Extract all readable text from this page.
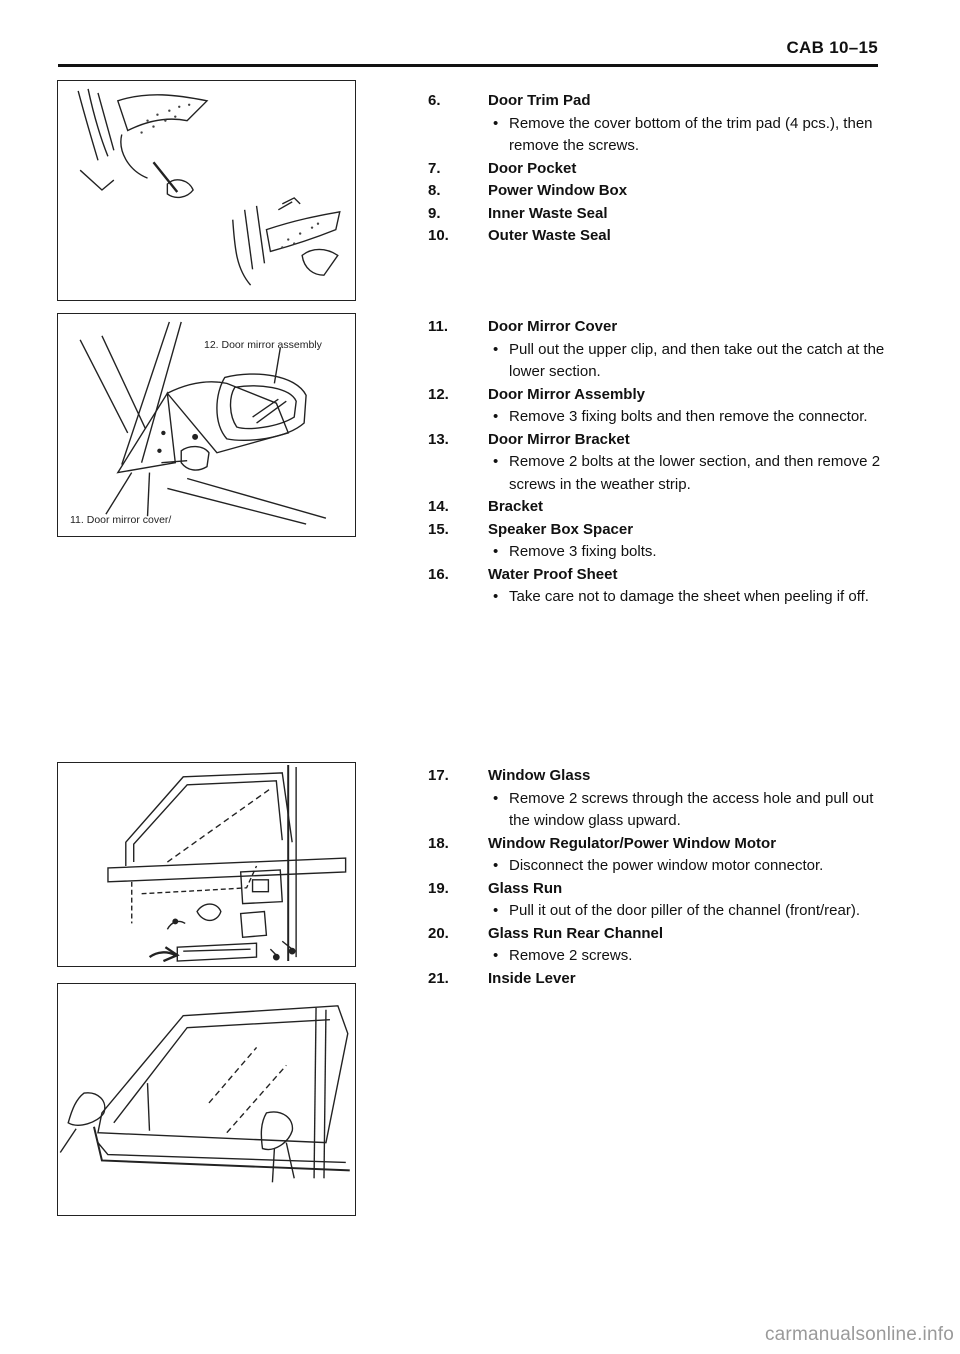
CAB 10–15
12. Door mirror assembly
11. Door mirror cover/
6.	Door Trim Pad
• Remove the cover bottom of the trim pad (4 pcs.), then remove the screws.
7.	Door Pocket
8.	Power Window Box
9.	Inner Waste Seal
10.	Outer Waste Seal
11.	Door Mirror Cover
• Pull out the upper clip, and then take out the catch at the lower section.
12.	Door Mirror Assembly
• Remove 3 fixing bolts and then remove the connector.
13.	Door Mirror Bracket
• Remove 2 bolts at the lower section, and then remove 2 screws in the weather strip.
14.	Bracket
15.	Speaker Box Spacer
• Remove 3 fixing bolts.
16.	Water Proof Sheet
• Take care not to damage the sheet when peeling if off.
17.	Window Glass
• Remove 2 screws through the access hole and pull out the window glass upward.
18.	Window Regulator/Power Window Motor
• Disconnect the power window motor connector.
19.	Glass Run
• Pull it out of the door piller of the channel (front/rear).
20.	Glass Run Rear Channel
• Remove 2 screws.
21.	Inside Lever
carmanualsonline.info
